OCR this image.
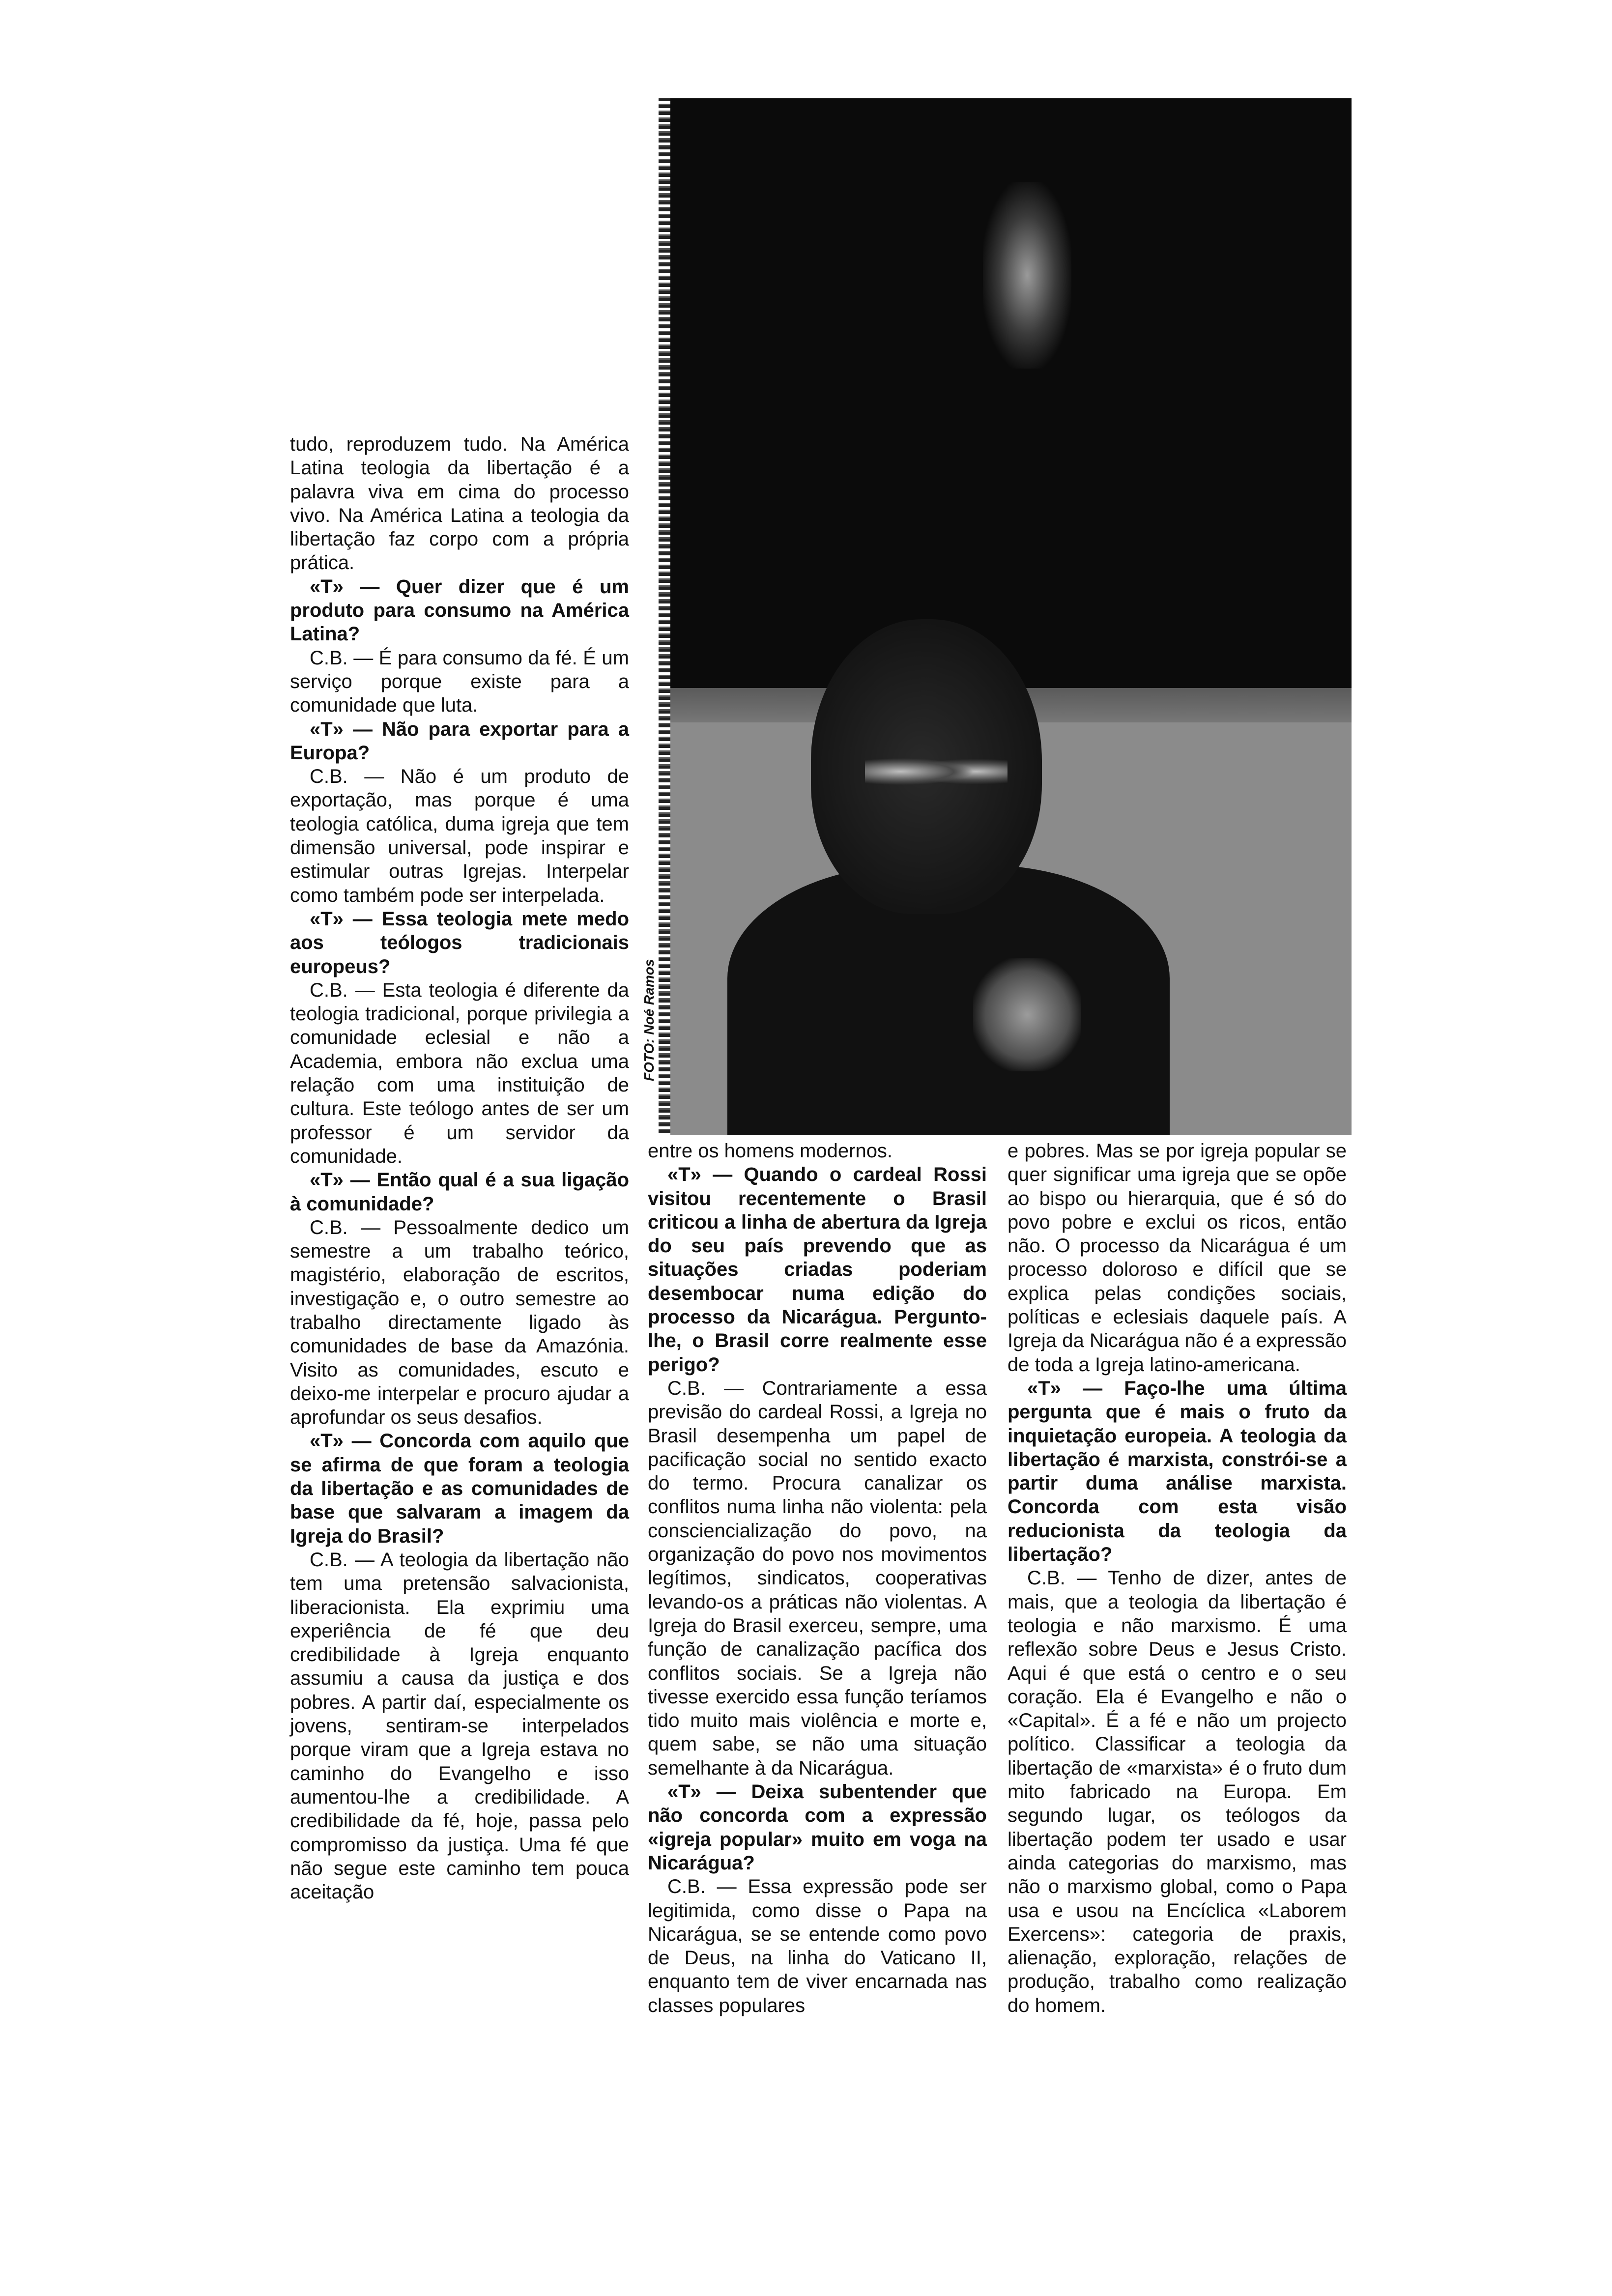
FOTO: Noé Ramos

tudo, reproduzem tudo. Na América Latina teologia da libertação é a palavra viva em cima do processo vivo. Na América Latina a teologia da libertação faz corpo com a própria prática.

«T» — Quer dizer que é um produto para consumo na América Latina?

C.B. — É para consumo da fé. É um serviço porque existe para a comunidade que luta.

«T» — Não para exportar para a Europa?

C.B. — Não é um produto de exportação, mas porque é uma teologia católica, duma igreja que tem dimensão universal, pode inspirar e estimular outras Igrejas. Interpelar como também pode ser interpelada.

«T» — Essa teologia mete medo aos teólogos tradicionais europeus?

C.B. — Esta teologia é diferente da teologia tradicional, porque privilegia a comunidade eclesial e não a Academia, embora não exclua uma relação com uma instituição de cultura. Este teólogo antes de ser um professor é um servidor da comunidade.

«T» — Então qual é a sua ligação à comunidade?

C.B. — Pessoalmente dedico um semestre a um trabalho teórico, magistério, elaboração de escritos, investigação e, o outro semestre ao trabalho directamente ligado às comunidades de base da Amazónia. Visito as comunidades, escuto e deixo-me interpelar e procuro ajudar a aprofundar os seus desafios.

«T» — Concorda com aquilo que se afirma de que foram a teologia da libertação e as comunidades de base que salvaram a imagem da Igreja do Brasil?

C.B. — A teologia da libertação não tem uma pretensão salvacionista, liberacionista. Ela exprimiu uma experiência de fé que deu credibilidade à Igreja enquanto assumiu a causa da justiça e dos pobres. A partir daí, especialmente os jovens, sentiram-se interpelados porque viram que a Igreja estava no caminho do Evangelho e isso aumentou-lhe a credibilidade. A credibilidade da fé, hoje, passa pelo compromisso da justiça. Uma fé que não segue este caminho tem pouca aceitação

entre os homens modernos.

«T» — Quando o cardeal Rossi visitou recentemente o Brasil criticou a linha de abertura da Igreja do seu país prevendo que as situações criadas poderiam desembocar numa edição do processo da Nicarágua. Pergunto-lhe, o Brasil corre realmente esse perigo?

C.B. — Contrariamente a essa previsão do cardeal Rossi, a Igreja no Brasil desempenha um papel de pacificação social no sentido exacto do termo. Procura canalizar os conflitos numa linha não violenta: pela consciencialização do povo, na organização do povo nos movimentos legítimos, sindicatos, cooperativas levando-os a práticas não violentas. A Igreja do Brasil exerceu, sempre, uma função de canalização pacífica dos conflitos sociais. Se a Igreja não tivesse exercido essa função teríamos tido muito mais violência e morte e, quem sabe, se não uma situação semelhante à da Nicarágua.

«T» — Deixa subentender que não concorda com a expressão «igreja popular» muito em voga na Nicarágua?

C.B. — Essa expressão pode ser legitimida, como disse o Papa na Nicarágua, se se entende como povo de Deus, na linha do Vaticano II, enquanto tem de viver encarnada nas classes populares

e pobres. Mas se por igreja popular se quer significar uma igreja que se opõe ao bispo ou hierarquia, que é só do povo pobre e exclui os ricos, então não. O processo da Nicarágua é um processo doloroso e difícil que se explica pelas condições sociais, políticas e eclesiais daquele país. A Igreja da Nicarágua não é a expressão de toda a Igreja latino-americana.

«T» — Faço-lhe uma última pergunta que é mais o fruto da inquietação europeia. A teologia da libertação é marxista, constrói-se a partir duma análise marxista. Concorda com esta visão reducionista da teologia da libertação?

C.B. — Tenho de dizer, antes de mais, que a teologia da libertação é teologia e não marxismo. É uma reflexão sobre Deus e Jesus Cristo. Aqui é que está o centro e o seu coração. Ela é Evangelho e não o «Capital». É a fé e não um projecto político. Classificar a teologia da libertação de «marxista» é o fruto dum mito fabricado na Europa. Em segundo lugar, os teólogos da libertação podem ter usado e usar ainda categorias do marxismo, mas não o marxismo global, como o Papa usa e usou na Encíclica «Laborem Exercens»: categoria de praxis, alienação, exploração, relações de produção, trabalho como realização do homem.
